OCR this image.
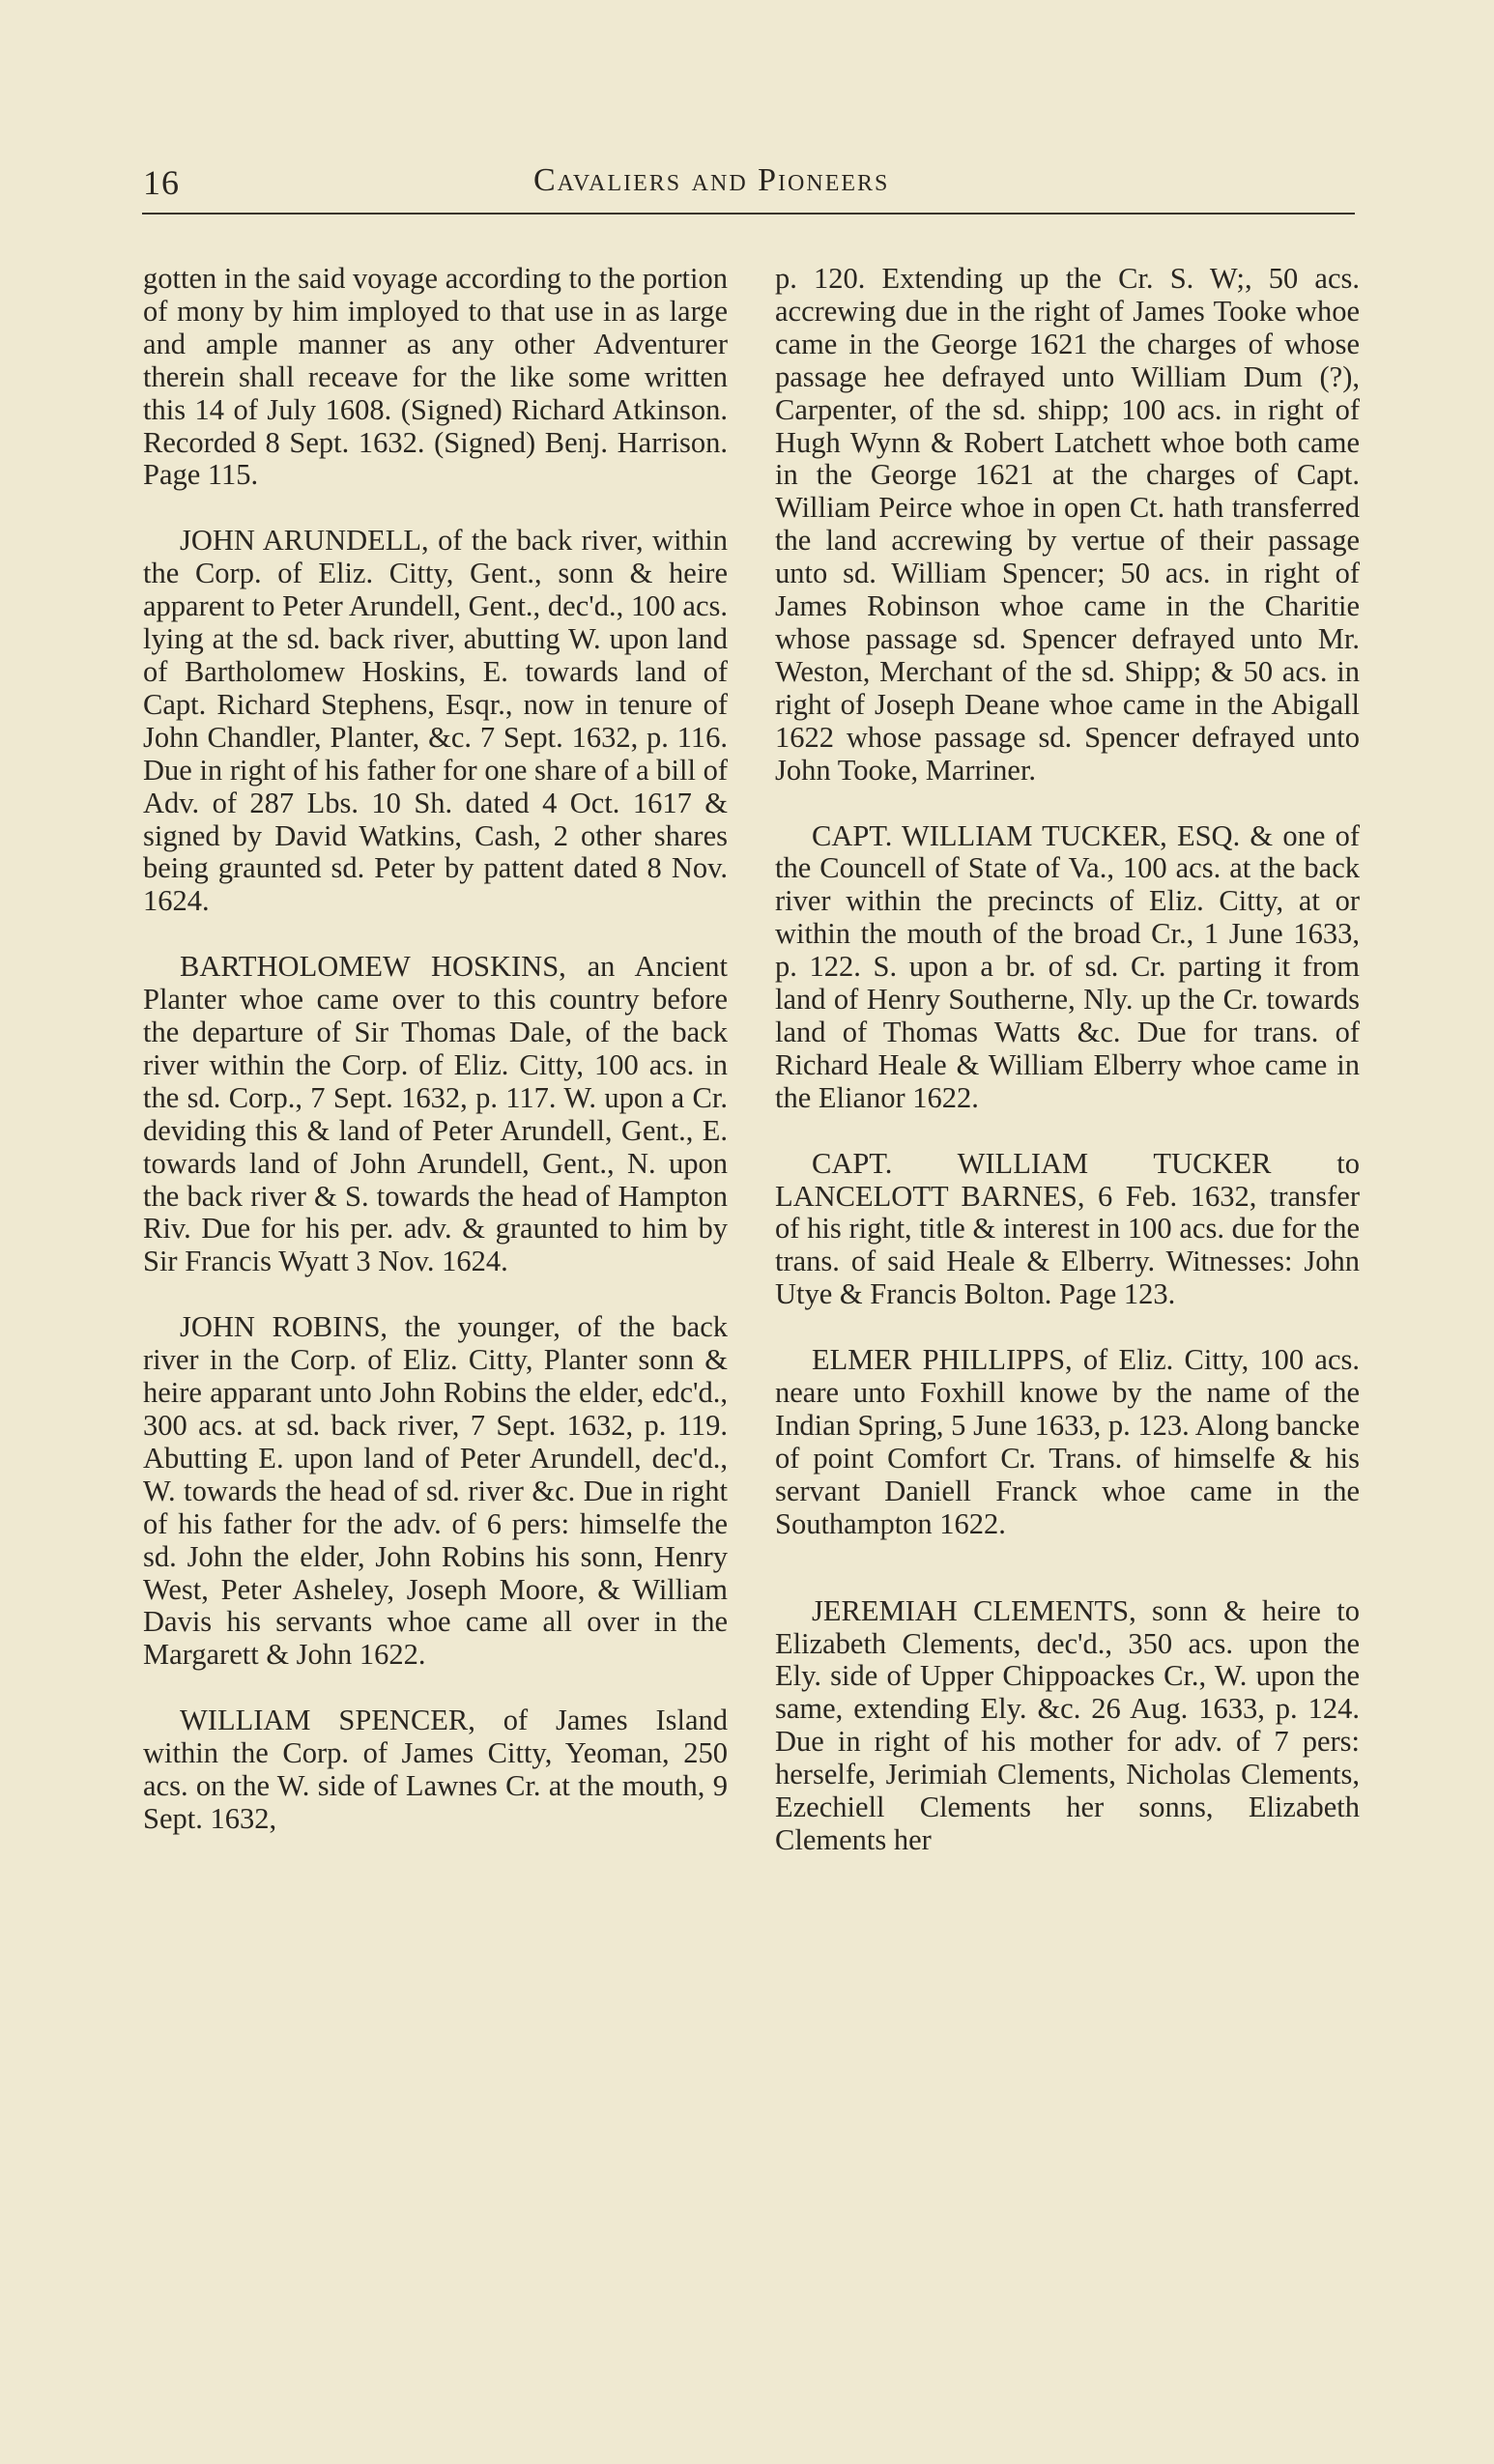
16	Cavaliers and Pioneers

gotten in the said voyage according to the portion of mony by him imployed to that use in as large and ample manner as any other Adventurer therein shall receave for the like some written this 14 of July 1608. (Signed) Richard Atkinson. Recorded 8 Sept. 1632. (Signed) Benj. Harrison. Page 115.

JOHN ARUNDELL, of the back river, within the Corp. of Eliz. Citty, Gent., sonn & heire apparent to Peter Arundell, Gent., dec'd., 100 acs. lying at the sd. back river, abutting W. upon land of Bartholomew Hoskins, E. towards land of Capt. Richard Stephens, Esqr., now in tenure of John Chandler, Planter, &c. 7 Sept. 1632, p. 116. Due in right of his father for one share of a bill of Adv. of 287 Lbs. 10 Sh. dated 4 Oct. 1617 & signed by David Watkins, Cash, 2 other shares being graunted sd. Peter by pattent dated 8 Nov. 1624.

BARTHOLOMEW HOSKINS, an Ancient Planter whoe came over to this country before the departure of Sir Thomas Dale, of the back river within the Corp. of Eliz. Citty, 100 acs. in the sd. Corp., 7 Sept. 1632, p. 117. W. upon a Cr. deviding this & land of Peter Arundell, Gent., E. towards land of John Arundell, Gent., N. upon the back river & S. towards the head of Hampton Riv. Due for his per. adv. & graunted to him by Sir Francis Wyatt 3 Nov. 1624.

JOHN ROBINS, the younger, of the back river in the Corp. of Eliz. Citty, Planter sonn & heire apparant unto John Robins the elder, edc'd., 300 acs. at sd. back river, 7 Sept. 1632, p. 119. Abutting E. upon land of Peter Arundell, dec'd., W. towards the head of sd. river &c. Due in right of his father for the adv. of 6 pers: himselfe the sd. John the elder, John Robins his sonn, Henry West, Peter Asheley, Joseph Moore, & William Davis his servants whoe came all over in the Margarett & John 1622.

WILLIAM SPENCER, of James Island within the Corp. of James Citty, Yeoman, 250 acs. on the W. side of Lawnes Cr. at the mouth, 9 Sept. 1632,

p. 120. Extending up the Cr. S. W;, 50 acs. accrewing due in the right of James Tooke whoe came in the George 1621 the charges of whose passage hee defrayed unto William Dum (?), Carpenter, of the sd. shipp; 100 acs. in right of Hugh Wynn & Robert Latchett whoe both came in the George 1621 at the charges of Capt. William Peirce whoe in open Ct. hath transferred the land accrewing by vertue of their passage unto sd. William Spencer; 50 acs. in right of James Robinson whoe came in the Charitie whose passage sd. Spencer defrayed unto Mr. Weston, Merchant of the sd. Shipp; & 50 acs. in right of Joseph Deane whoe came in the Abigall 1622 whose passage sd. Spencer defrayed unto John Tooke, Marriner.

CAPT. WILLIAM TUCKER, ESQ. & one of the Councell of State of Va., 100 acs. at the back river within the precincts of Eliz. Citty, at or within the mouth of the broad Cr., 1 June 1633, p. 122. S. upon a br. of sd. Cr. parting it from land of Henry Southerne, Nly. up the Cr. towards land of Thomas Watts &c. Due for trans. of Richard Heale & William Elberry whoe came in the Elianor 1622.

CAPT. WILLIAM TUCKER to LANCELOTT BARNES, 6 Feb. 1632, transfer of his right, title & interest in 100 acs. due for the trans. of said Heale & Elberry. Witnesses: John Utye & Francis Bolton. Page 123.

ELMER PHILLIPPS, of Eliz. Citty, 100 acs. neare unto Foxhill knowe by the name of the Indian Spring, 5 June 1633, p. 123. Along bancke of point Comfort Cr. Trans. of himselfe & his servant Daniell Franck whoe came in the Southampton 1622.

JEREMIAH CLEMENTS, sonn & heire to Elizabeth Clements, dec'd., 350 acs. upon the Ely. side of Upper Chippoackes Cr., W. upon the same, extending Ely. &c. 26 Aug. 1633, p. 124. Due in right of his mother for adv. of 7 pers: herselfe, Jerimiah Clements, Nicholas Clements, Ezechiell Clements her sonns, Elizabeth Clements her
